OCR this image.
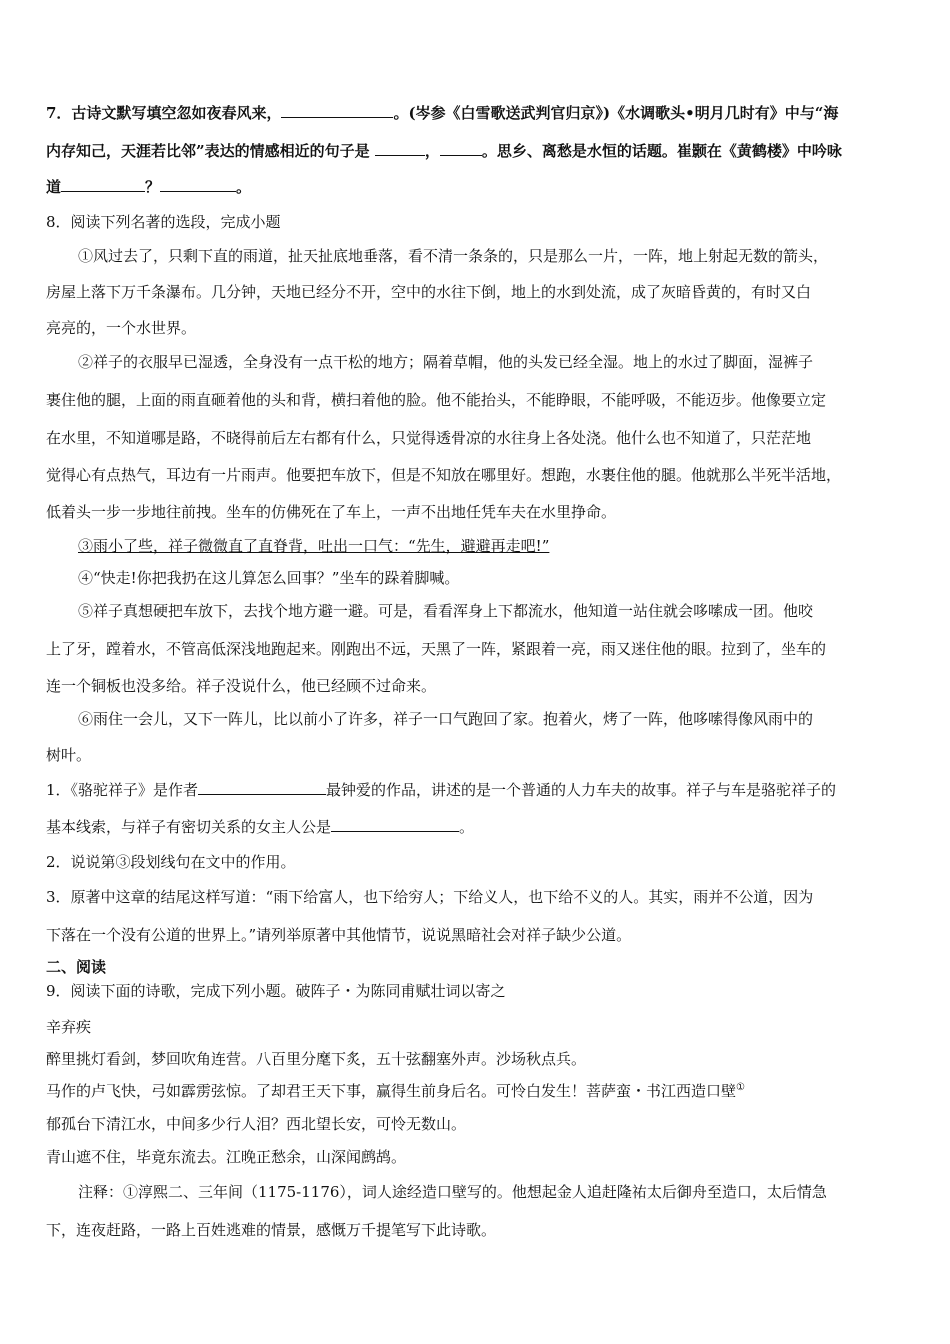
7．古诗文默写填空忽如夜春风来，	。(岑参《白雪歌送武判官归京》)《水调歌头•明月几时有》中与“海
内存知己，天涯若比邻”表达的情感相近的句子是	，	。思乡、离愁是水恒的话题。崔颢在《黄鹤楼》中吟咏
道	？	。
8．阅读下列名著的选段，完成小题
①风过去了，只剩下直的雨道，扯天扯底地垂落，看不清一条条的，只是那么一片，一阵，地上射起无数的箭头，
房屋上落下万千条瀑布。几分钟，天地已经分不开，空中的水往下倒，地上的水到处流，成了灰暗昏黄的，有时又白
亮亮的，一个水世界。
②祥子的衣服早已湿透，全身没有一点干松的地方；隔着草帽，他的头发已经全湿。地上的水过了脚面，湿裤子
裹住他的腿，上面的雨直砸着他的头和背，横扫着他的脸。他不能抬头，不能睁眼，不能呼吸，不能迈步。他像要立定
在水里，不知道哪是路，不晓得前后左右都有什么，只觉得透骨凉的水往身上各处浇。他什么也不知道了，只茫茫地
觉得心有点热气，耳边有一片雨声。他要把车放下，但是不知放在哪里好。想跑，水裹住他的腿。他就那么半死半活地，
低着头一步一步地往前拽。坐车的仿佛死在了车上，一声不出地任凭车夫在水里挣命。
③雨小了些，祥子微微直了直脊背，吐出一口气：“先生，避避再走吧!”
④“快走!你把我扔在这儿算怎么回事？”坐车的跺着脚喊。
⑤祥子真想硬把车放下，去找个地方避一避。可是，看看浑身上下都流水，他知道一站住就会哆嗦成一团。他咬
上了牙，蹚着水，不管高低深浅地跑起来。刚跑出不远，天黑了一阵，紧跟着一亮，雨又迷住他的眼。拉到了，坐车的
连一个铜板也没多给。祥子没说什么，他已经顾不过命来。
⑥雨住一会儿，又下一阵儿，比以前小了许多，祥子一口气跑回了家。抱着火，烤了一阵，他哆嗦得像风雨中的
树叶。
1．《骆驼祥子》是作者	最钟爱的作品，讲述的是一个普通的人力车夫的故事。祥子与车是骆驼祥子的
基本线索，与祥子有密切关系的女主人公是	。
2．说说第③段划线句在文中的作用。
3．原著中这章的结尾这样写道：“雨下给富人，也下给穷人；下给义人，也下给不义的人。其实，雨并不公道，因为
下落在一个没有公道的世界上。”请列举原著中其他情节，说说黑暗社会对祥子缺少公道。
二、阅读
9．阅读下面的诗歌，完成下列小题。破阵子・为陈同甫赋壮词以寄之
辛弃疾
醉里挑灯看剑，梦回吹角连营。八百里分麾下炙，五十弦翻塞外声。沙场秋点兵。
马作的卢飞快，弓如霹雳弦惊。了却君王天下事，赢得生前身后名。可怜白发生！菩萨蛮・书江西造口壁①
郁孤台下清江水，中间多少行人泪？西北望长安，可怜无数山。
青山遮不住，毕竟东流去。江晚正愁余，山深闻鹧鸪。
注释：①淳熙二、三年间（1175-1176），词人途经造口壁写的。他想起金人追赶隆祐太后御舟至造口，太后情急
下，连夜赶路，一路上百姓逃难的情景，感慨万千提笔写下此诗歌。
